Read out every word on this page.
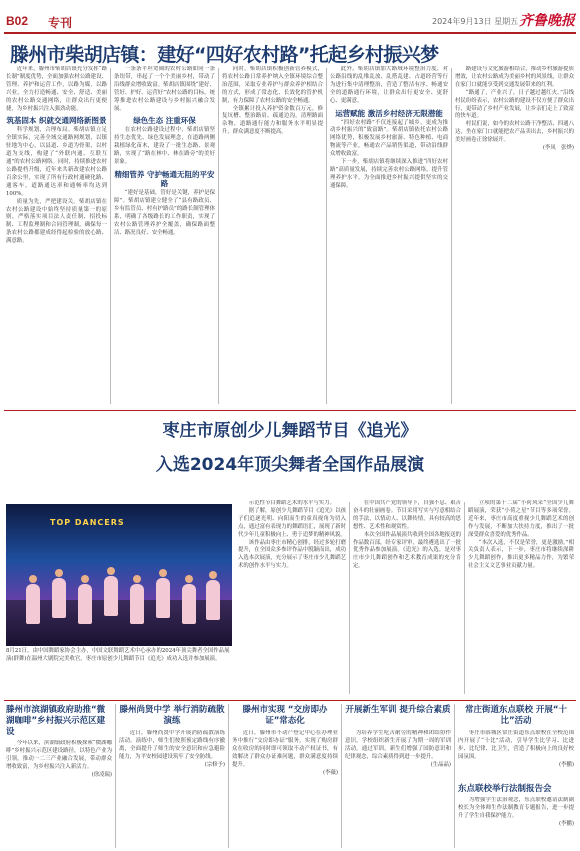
B02 专刊	2024年9月13日 星期五 齐鲁晚报
滕州市柴胡店镇：建好“四好农村路”托起乡村振兴梦

近年来，滕州市柴胡店镇充分发挥“路长制”制度优势，全面加强农村公路建设、管理、养护和运营工作，以路为媒，以路兴业，全力打造畅通、安全、舒适、美丽的农村公路交通网络，让群众出行更便捷，为乡村振兴注入强劲动能。

筑基固本 织就交通网络新图景

科学规划，合理布局。柴胡店镇立足全镇实际，完善全域交通路网规划，以镇驻地为中心，以县道、乡道为骨架，以村道为支线，构建了“外联内通、互联互通”的农村公路网络。同时，持续推进农村公路提档升级，近年来共新改建农村公路百余公里，实现了所有行政村通硬化路、通客车，道路通达率和通畅率均达到100%。

质量为先，严把建设关。柴胡店镇在农村公路建设中始终坚持质量第一的原则，严格落实项目法人责任制、招投标制、工程监理制和合同管理制，确保每一条农村公路都建成经得起检验的放心路、满意路。

一条条平坦宽阔的农村公路如同一条条纽带，串起了一个个美丽乡村，带动了沿线群众增收致富。柴胡店镇围绕“建好、管好、护好、运营好”农村公路的目标，统筹推进农村公路建设与乡村振兴融合发展。

绿色生态 注重环保

在农村公路建设过程中，柴胡店镇坚持生态优先、绿色发展理念，在道路两侧栽植绿化苗木，建设了一批生态路、景观路，实现了“路在林中、林在路旁”的美好景象。

精细管养 守护畅通无阻的平安路

“建好是基础，管好是关键，养护是保障”。柴胡店镇建立健全了“县有路政员、乡有监管员、村有护路员”的路长制管理体系，明确了各级路长的工作职责，实现了农村公路管理养护全覆盖，确保路面整洁、路况良好、安全畅通。

同时，柴胡店镇积极创新管养模式，将农村公路日常养护纳入全镇环境综合整治范围，采取专业养护与群众养护相结合的方式，形成了常态化、长效化的管护机制，有力保障了农村公路的安全畅通。

全镇累计投入养护资金数百万元，修复坑槽、整治路肩、疏通边沟，清理路面杂物，道路通行能力和服务水平明显提升，群众满意度不断提高。

此外，柴胡店镇加大路域环境整治力度，对公路沿线的乱堆乱放、乱搭乱建、占道经营等行为进行集中清理整治，营造了整洁有序、畅通安全的道路通行环境，让群众出行更安全、更舒心、更满意。

运营赋能 激活乡村经济无限潜能

“四好农村路”不仅连接起了城乡，更成为推动乡村振兴的“致富路”。柴胡店镇依托农村公路网络优势，积极发展乡村旅游、特色种植、电商物流等产业，畅通农产品销售渠道，带动沿线群众增收致富。

下一步，柴胡店镇将继续深入推进“四好农村路”高质量发展，持续完善农村公路网络，提升管理养护水平，为全面推进乡村振兴提供坚实的交通保障。

路建设与文化旅游相结合，推动乡村旅游提质增效，让农村公路成为美丽乡村的风景线，让群众在家门口就能享受到交通发展带来的红利。

“路通了，产业兴了，日子越过越红火。”沿线村民纷纷表示，农村公路的建设不仅方便了群众出行，更带动了乡村产业发展，让乡亲们走上了致富的快车道。

村民们说，如今的农村公路干净整洁、四通八达，坐在家门口就能把农产品卖出去，乡村振兴的美好画卷正徐徐展开。

(李凤　张烨)
枣庄市原创少儿舞蹈节目《追光》
入选2024年顶尖舞者全国作品展演
TOP DANCERS
8月21日，由中国舞蹈家协会主办，中国文联舞蹈艺术中心承办的2024年顶尖舞者全国作品展演(群舞)在温州大剧院完美收官，枣庄市原创少儿舞蹈节目《追光》成功入选并参加展演。

示范性节目舞蹈艺术的水平与实力。

据了解，原创少儿舞蹈节目《追光》以孩子们追逐光明、向阳而生的童真视角为切入点，通过富有表现力的舞蹈语汇，展现了新时代少年儿童积极向上、勇于追梦的精神风貌。

该作品由枣庄市精心创排，经过多轮打磨提升，在全国众多参评作品中脱颖而出，成功入选本次展演，充分展示了枣庄市少儿舞蹈艺术的创作水平与实力。

在中国共产党的领导下，自强不息、艰苦奋斗的壮丽画卷。节目采用写实与写意相结合的手法，以情动人、以舞传情，具有较高的思想性、艺术性和观赏性。

本次全国作品展演共收到全国各地报送的作品数百部，经专家评审，最终遴选出了一批优秀作品参加展演。《追光》的入选，是对枣庄市少儿舞蹈创作和艺术教育成果的充分肯定。

立项的第十二届“小荷风采”全国少儿舞蹈展演，荣获“小荷之星”节目等多项荣誉。近年来，枣庄市高度重视少儿舞蹈艺术的创作与发展，不断加大扶持力度，推出了一批深受群众喜爱的优秀作品。

“本次入选，不仅是荣誉，更是激励。”相关负责人表示，下一步，枣庄市将继续深耕少儿舞蹈创作，推出更多精品力作，为繁荣社会主义文艺事业贡献力量。

滕州市滨湖镇政府助推“微湖咖啡”乡村振兴示范区建设

今年以来，滨湖镇政府积极探索“微湖咖啡”乡村振兴示范区建设路径，以特色产业为引领，推动一二三产业融合发展，带动群众增收致富，为乡村振兴注入新活力。

(徐凌瑞)
滕州尚贤中学 举行消防疏散演练

近日，滕州尚贤中学开展消防疏散演练活动。演练中，师生们按照预定路线有序撤离，全面提升了师生的安全意识和应急避险能力，为平安校园建设筑牢了安全防线。

(宗修予)
滕州市实现 “交房即办证”常态化

近日，滕州市不动产登记中心在办理业务中推行“交房即办证”服务，实现了购房群众在收房的同时即可领取不动产权证书，有效解决了群众办证难问题，群众满意度持续提升。

(李薇)
开展新生军训 提升综合素质

为培养学生吃苦耐劳的精神和团结协作意识，学校组织新生开展了为期一周的军训活动。通过军训，新生们增强了国防意识和纪律观念，综合素质得到进一步提升。

(生晶晶)
常庄街道东点联校 开展“十比”活动

枣庄市薛城区常庄街道东点联校在全校范围内开展了“十比”活动，引导学生比学习、比进步、比纪律、比卫生，营造了积极向上的良好校园氛围。

(李鹏)
东点联校举行法制报告会

为增强学生法治观念，东点联校邀请法制副校长为全体师生作法制教育专题报告，进一步提升了学生自我保护能力。

(李鹏)
